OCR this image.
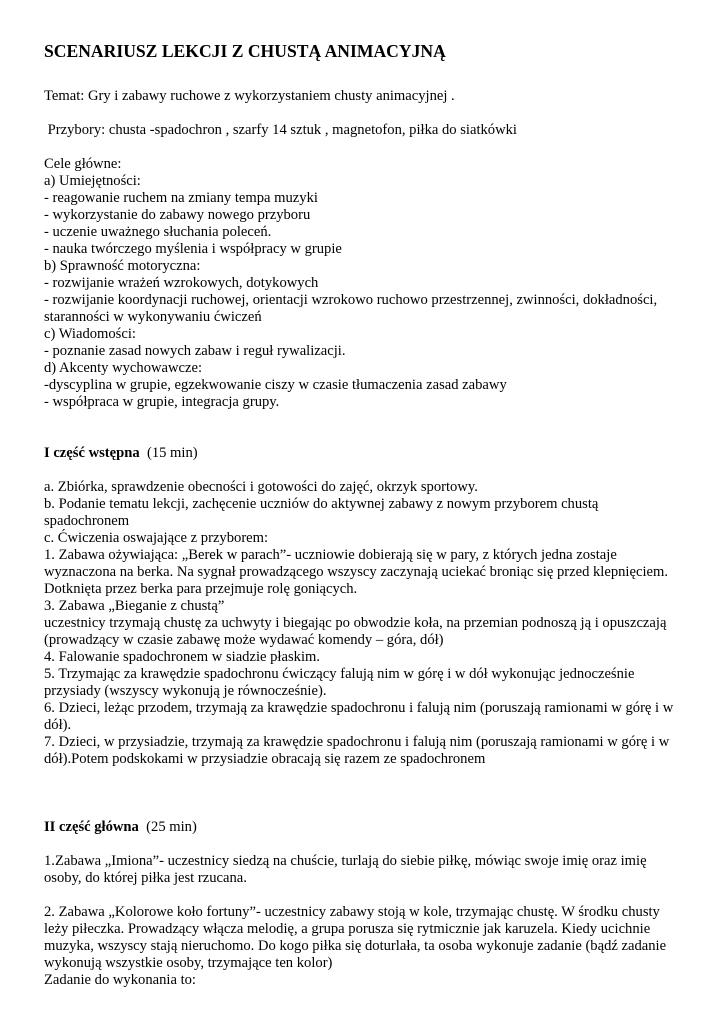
SCENARIUSZ LEKCJI Z CHUSTĄ ANIMACYJNĄ

Temat: Gry i zabawy ruchowe z wykorzystaniem chusty animacyjnej .

Przybory: chusta -spadochron , szarfy 14 sztuk , magnetofon, piłka do siatkówki

Cele główne:
a) Umiejętności:
- reagowanie ruchem na zmiany tempa muzyki
- wykorzystanie do zabawy nowego przyboru
- uczenie uważnego słuchania poleceń.
- nauka twórczego myślenia i współpracy w grupie
b) Sprawność motoryczna:
- rozwijanie wrażeń wzrokowych, dotykowych
- rozwijanie koordynacji ruchowej, orientacji wzrokowo ruchowo przestrzennej, zwinności, dokładności,
staranności w wykonywaniu ćwiczeń
c) Wiadomości:
- poznanie zasad nowych zabaw i reguł rywalizacji.
d) Akcenty wychowawcze:
-dyscyplina w grupie, egzekwowanie ciszy w czasie tłumaczenia zasad zabawy
- współpraca w grupie, integracja grupy.
I część wstępna  (15 min)
a. Zbiórka, sprawdzenie obecności i gotowości do zajęć, okrzyk sportowy.
b. Podanie tematu lekcji, zachęcenie uczniów do aktywnej zabawy z nowym przyborem chustą
spadochronem
c. Ćwiczenia oswajające z przyborem:
1. Zabawa ożywiająca: „Berek w parach”- uczniowie dobierają się w pary, z których jedna zostaje
wyznaczona na berka. Na sygnał prowadzącego wszyscy zaczynają uciekać broniąc się przed klepnięciem.
Dotknięta przez berka para przejmuje rolę goniących.
3. Zabawa „Bieganie z chustą”
uczestnicy trzymają chustę za uchwyty i biegając po obwodzie koła, na przemian podnoszą ją i opuszczają
(prowadzący w czasie zabawę może wydawać komendy – góra, dół)
4. Falowanie spadochronem w siadzie płaskim.
5. Trzymając za krawędzie spadochronu ćwiczący falują nim w górę i w dół wykonując jednocześnie
przysiady (wszyscy wykonują je równocześnie).
6. Dzieci, leżąc przodem, trzymają za krawędzie spadochronu i falują nim (poruszają ramionami w górę i w
dół).
7. Dzieci, w przysiadzie, trzymają za krawędzie spadochronu i falują nim (poruszają ramionami w górę i w
dół).Potem podskokami w przysiadzie obracają się razem ze spadochronem
II część główna  (25 min)
1.Zabawa „Imiona”- uczestnicy siedzą na chuście, turlają do siebie piłkę, mówiąc swoje imię oraz imię
osoby, do której piłka jest rzucana.
2. Zabawa „Kolorowe koło fortuny”- uczestnicy zabawy stoją w kole, trzymając chustę. W środku chusty
leży piłeczka. Prowadzący włącza melodię, a grupa porusza się rytmicznie jak karuzela. Kiedy ucichnie
muzyka, wszyscy stają nieruchomo. Do kogo piłka się doturlała, ta osoba wykonuje zadanie (bądź zadanie
wykonują wszystkie osoby, trzymające ten kolor)
Zadanie do wykonania to:
